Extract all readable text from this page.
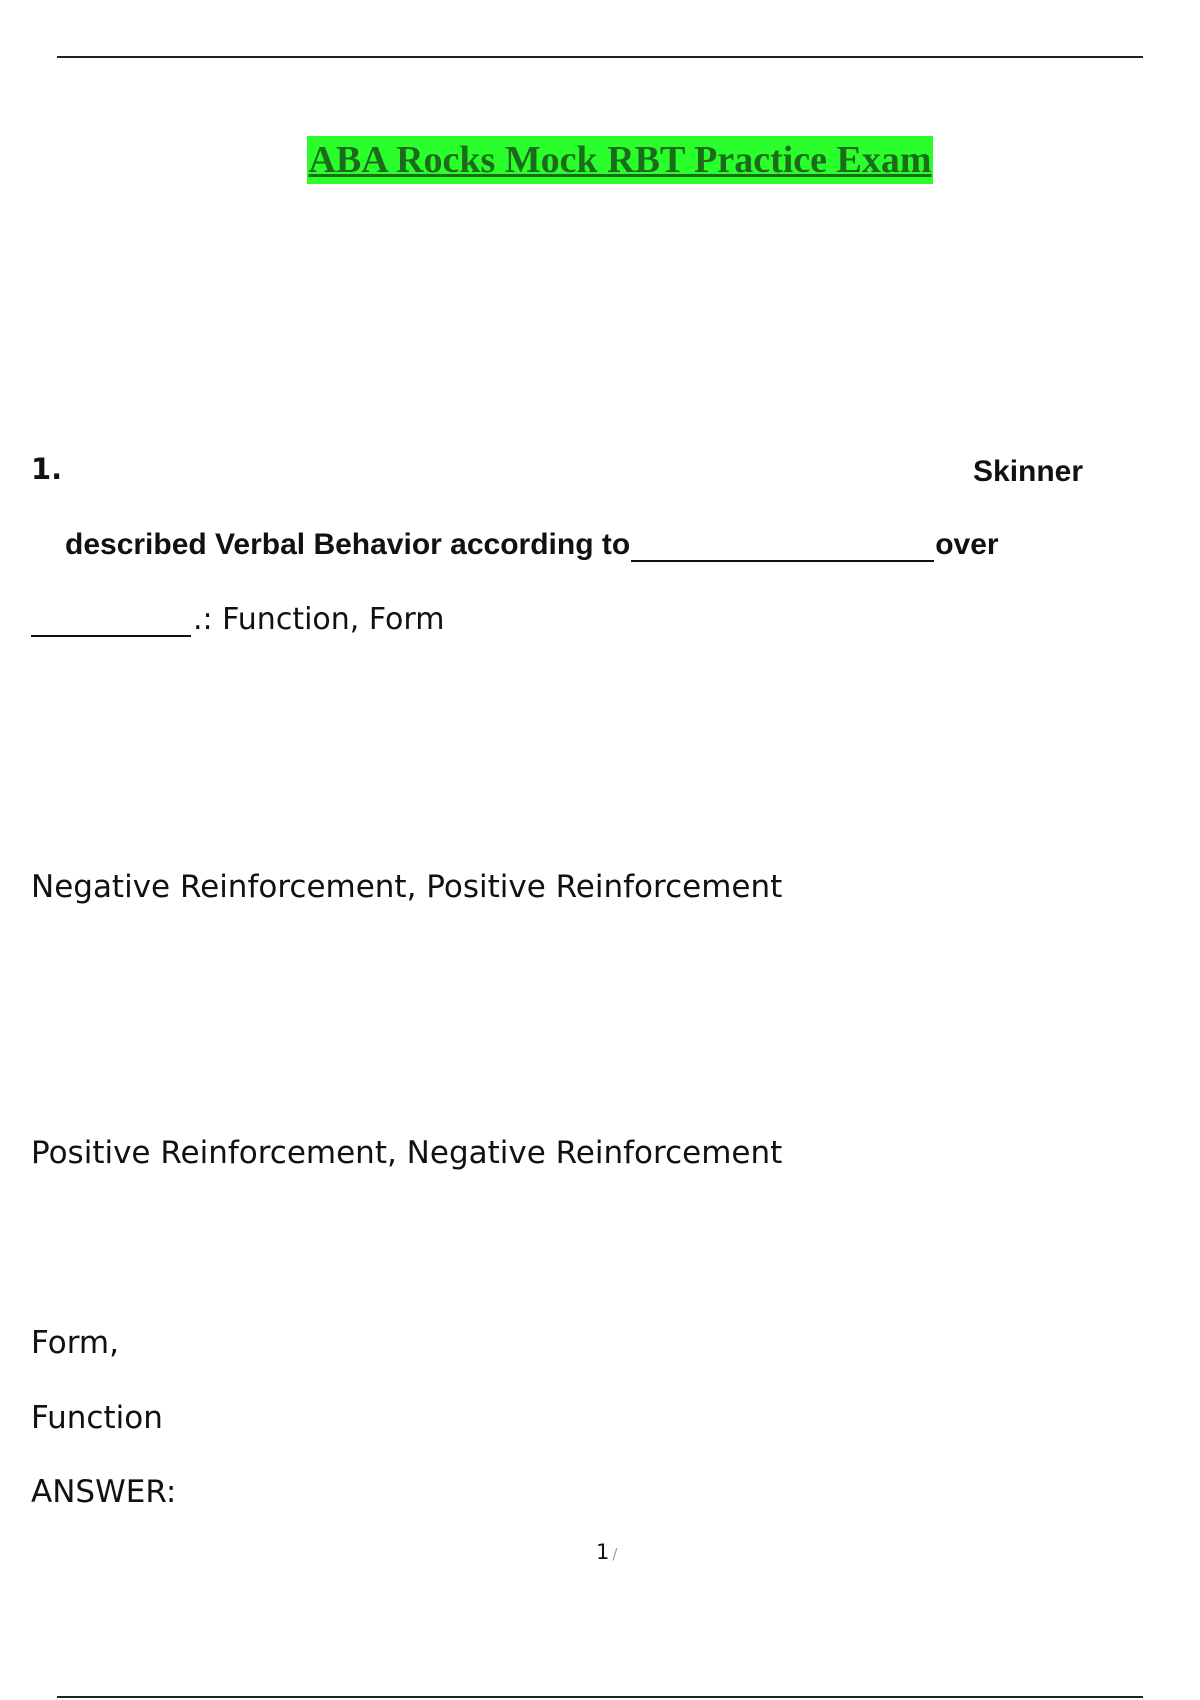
ABA Rocks Mock RBT Practice Exam
1.	Skinner
described Verbal Behavior according to	over
.: Function, Form
Negative Reinforcement, Positive Reinforcement
Positive Reinforcement, Negative Reinforcement
Form,
Function
ANSWER:
1 /
